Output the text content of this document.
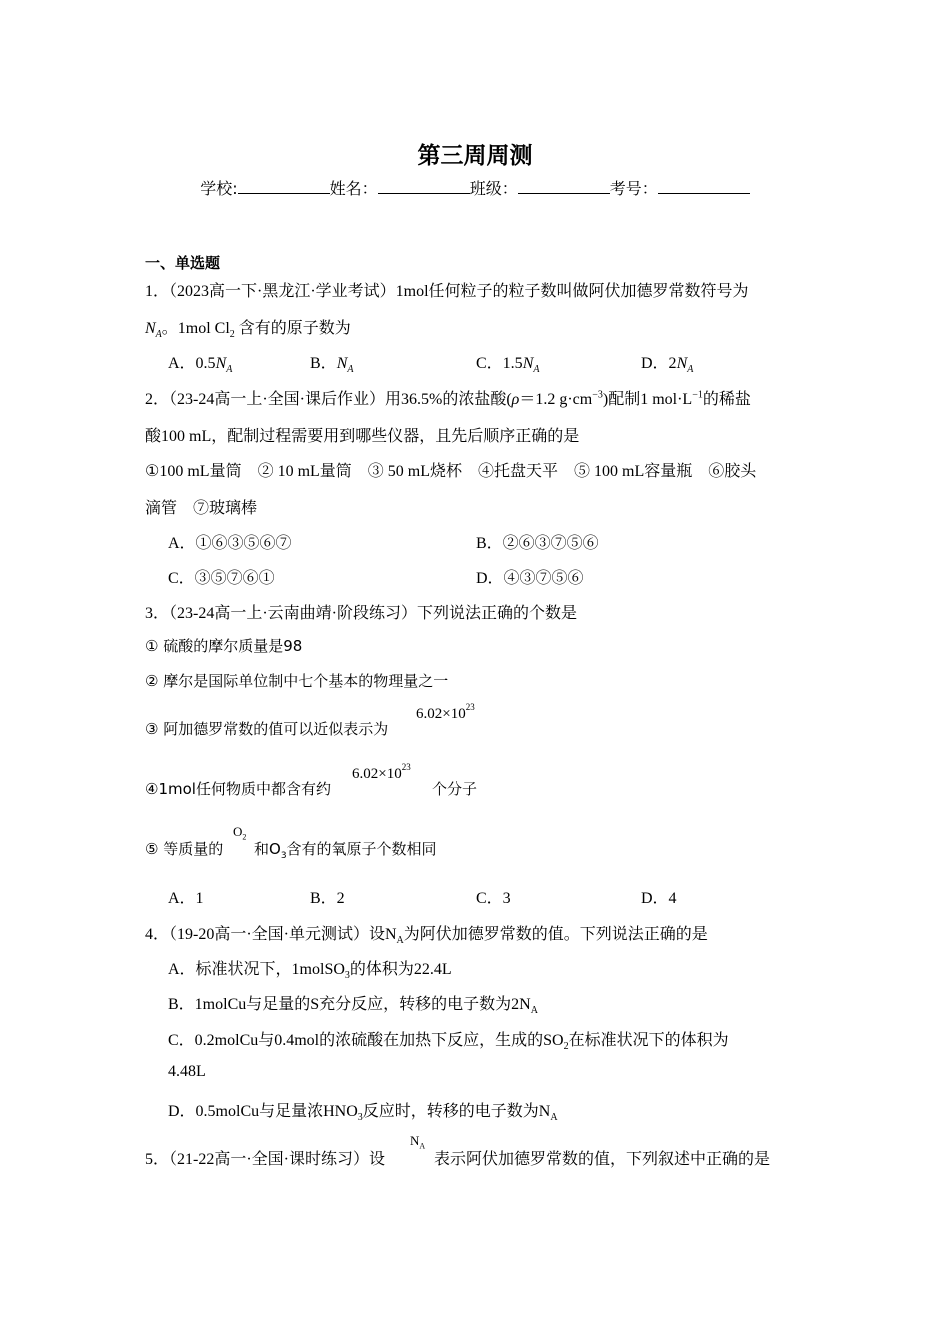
第三周周测
学校:	姓名：	班级：	考号：
一、单选题
1．（2023高一下·黑龙江·学业考试）1mol任何粒子的粒子数叫做阿伏加德罗常数符号为
$N_A$。1mol $Cl_2$ 含有的原子数为
A．$0.5N_A$	B．$N_A$	C．$1.5N_A$	D．$2N_A$
2．（23-24高一上·全国·课后作业）用36.5%的浓盐酸(ρ＝1.2 $g\cdot cm^{-3}$)配制1 $mol\cdot L^{-1}$的稀盐
酸100 mL，配制过程需要用到哪些仪器，且先后顺序正确的是
①100 mL量筒　② 10 mL量筒　③ 50 mL烧杯　④托盘天平　⑤ 100 mL容量瓶　⑥胶头
滴管　⑦玻璃棒
A．①⑥③⑤⑥⑦	B．②⑥③⑦⑤⑥
C．③⑤⑦⑥①	D．④③⑦⑤⑥
3．（23-24高一上·云南曲靖·阶段练习）下列说法正确的个数是
① 硫酸的摩尔质量是98
② 摩尔是国际单位制中七个基本的物理量之一
③ 阿加德罗常数的值可以近似表示为
$6.02\times 10^{23}$
④1mol任何物质中都含有约
$6.02\times 10^{23}$
个分子
⑤ 等质量的
$O_2$
和$O_3$含有的氧原子个数相同
A．1	B．2	C．3	D．4
4．（19-20高一·全国·单元测试）设$N_A$为阿伏加德罗常数的值。下列说法正确的是
A．标准状况下，1molSO$_3$的体积为22.4L
B．1molCu与足量的S充分反应，转移的电子数为$2N_A$
C．0.2molCu与0.4mol的浓硫酸在加热下反应，生成的$SO_2$在标准状况下的体积为
4.48L
D．0.5molCu与足量浓$HNO_3$反应时，转移的电子数为$N_A$
5．（21-22高一·全国·课时练习）设
$N_A$
表示阿伏加德罗常数的值，下列叙述中正确的是
